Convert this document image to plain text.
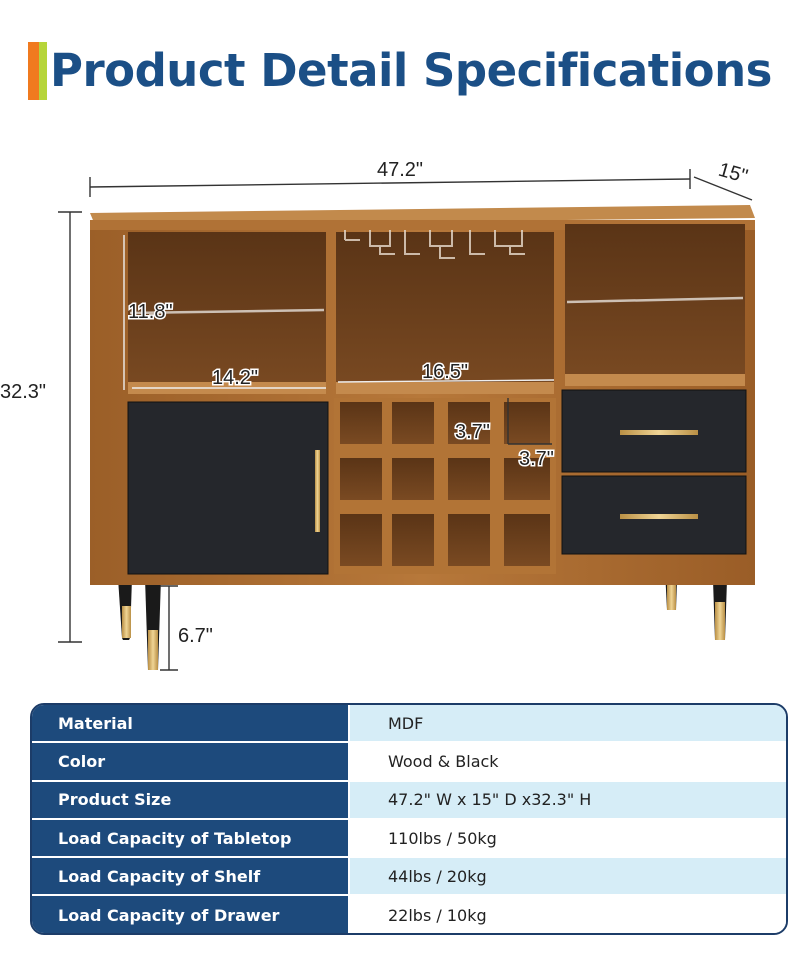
Product Detail Specifications
47.2"	15"
32.3"
6.7"
11.8"
14.2"	16.5"
3.7"
3.7"
Material	MDF
Color	Wood & Black
Product Size	47.2" W x 15" D x32.3" H
Load Capacity of Tabletop	110lbs / 50kg
Load Capacity of Shelf	44lbs / 20kg
Load Capacity of Drawer	22lbs / 10kg
